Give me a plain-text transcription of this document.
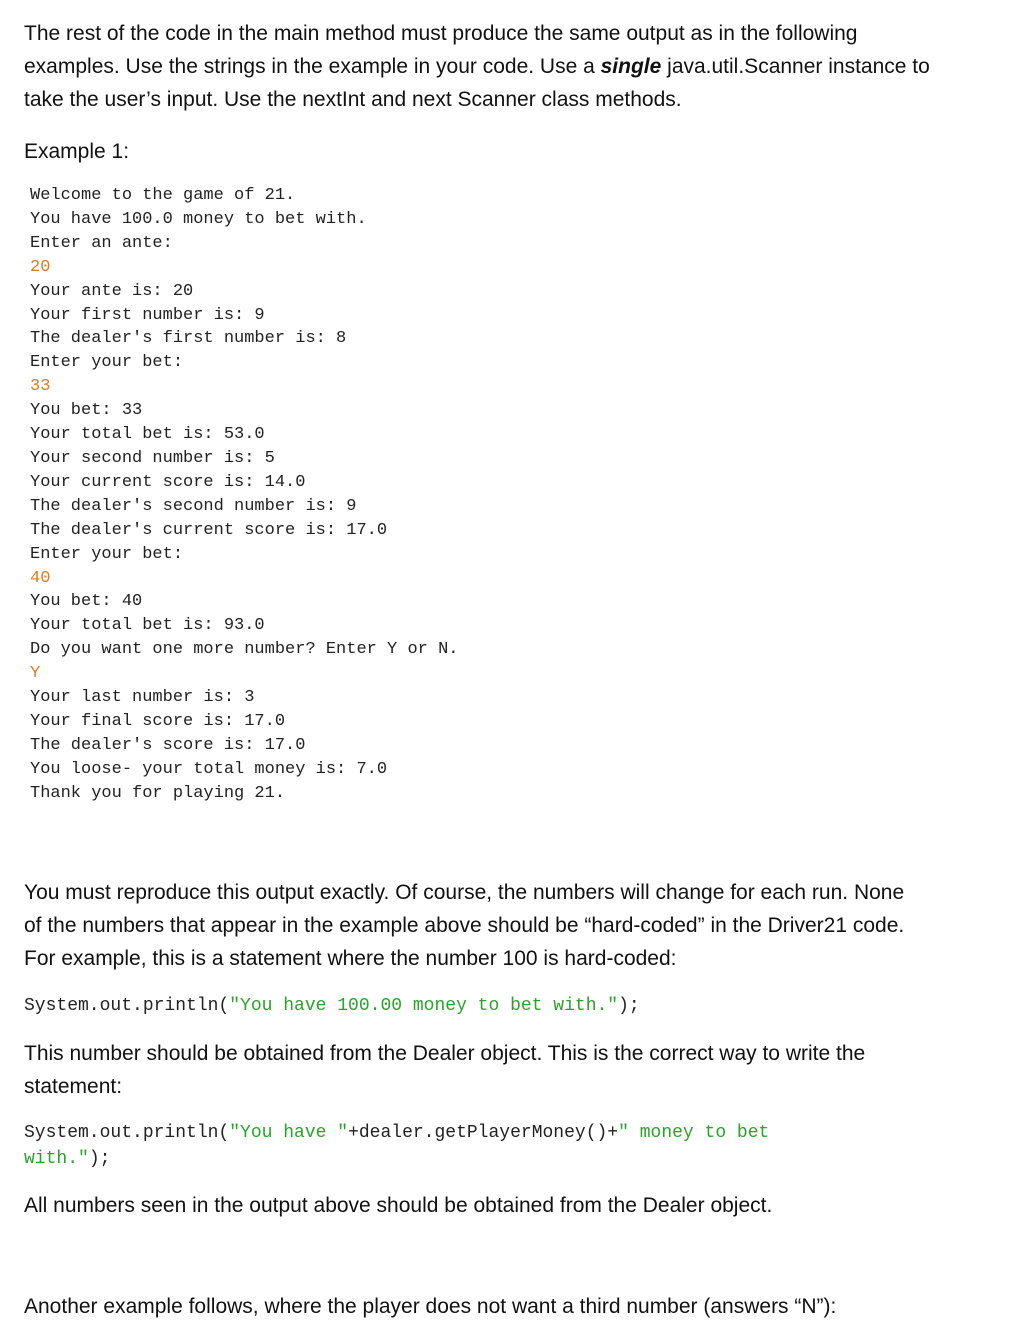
The rest of the code in the main method must produce the same output as in the following
examples. Use the strings in the example in your code. Use a single java.util.Scanner instance to
take the user’s input. Use the nextInt and next Scanner class methods.
Example 1:
Welcome to the game of 21.
You have 100.0 money to bet with.
Enter an ante:
20
Your ante is: 20
Your first number is: 9
The dealer's first number is: 8
Enter your bet:
33
You bet: 33
Your total bet is: 53.0
Your second number is: 5
Your current score is: 14.0
The dealer's second number is: 9
The dealer's current score is: 17.0
Enter your bet:
40
You bet: 40
Your total bet is: 93.0
Do you want one more number? Enter Y or N.
Y
Your last number is: 3
Your final score is: 17.0
The dealer's score is: 17.0
You loose- your total money is: 7.0
Thank you for playing 21.
You must reproduce this output exactly. Of course, the numbers will change for each run. None
of the numbers that appear in the example above should be “hard-coded” in the Driver21 code.
For example, this is a statement where the number 100 is hard-coded:
System.out.println("You have 100.00 money to bet with.");
This number should be obtained from the Dealer object. This is the correct way to write the
statement:
System.out.println("You have "+dealer.getPlayerMoney()+" money to bet
with.");
All numbers seen in the output above should be obtained from the Dealer object.
Another example follows, where the player does not want a third number (answers “N”):
